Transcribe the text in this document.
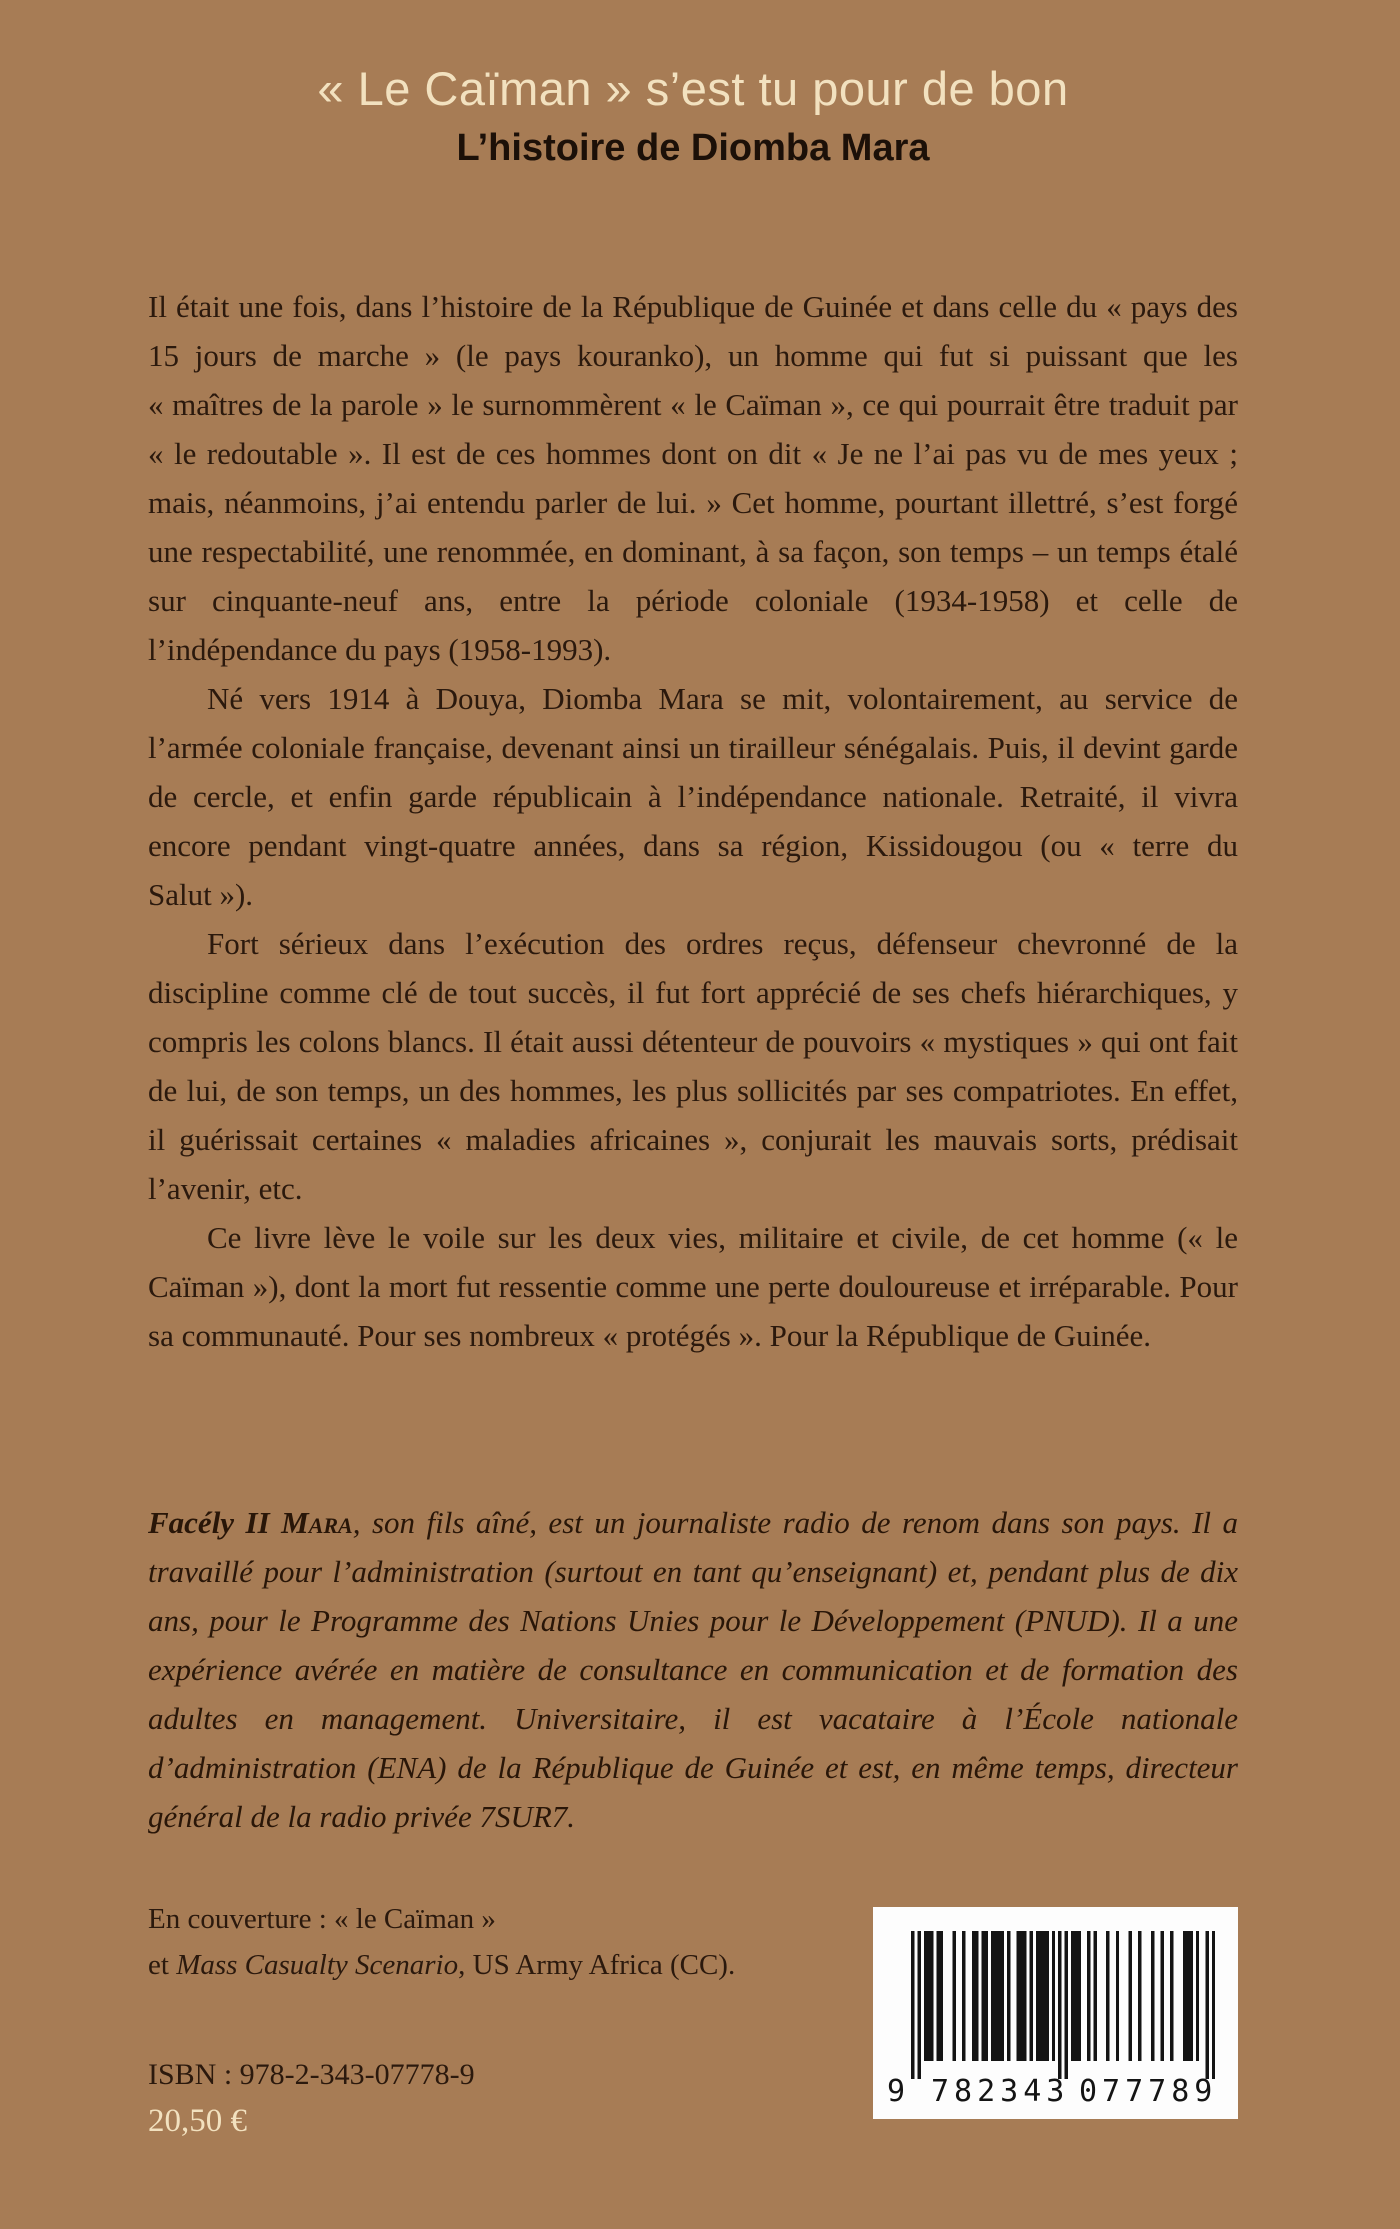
« Le Caïman » s’est tu pour de bon
L’histoire de Diomba Mara

Il était une fois, dans l’histoire de la République de Guinée et dans celle du « pays des 15 jours de marche » (le pays kouranko), un homme qui fut si puissant que les « maîtres de la parole » le surnommèrent « le Caïman », ce qui pourrait être traduit par « le redoutable ». Il est de ces hommes dont on dit « Je ne l’ai pas vu de mes yeux ; mais, néanmoins, j’ai entendu parler de lui. » Cet homme, pourtant illettré, s’est forgé une respectabilité, une renommée, en dominant, à sa façon, son temps – un temps étalé sur cinquante-neuf ans, entre la période coloniale (1934-1958) et celle de l’indépendance du pays (1958-1993).

Né vers 1914 à Douya, Diomba Mara se mit, volontairement, au service de l’armée coloniale française, devenant ainsi un tirailleur sénégalais. Puis, il devint garde de cercle, et enfin garde républicain à l’indépendance nationale. Retraité, il vivra encore pendant vingt-quatre années, dans sa région, Kissidougou (ou « terre du Salut »).

Fort sérieux dans l’exécution des ordres reçus, défenseur chevronné de la discipline comme clé de tout succès, il fut fort apprécié de ses chefs hiérarchiques, y compris les colons blancs. Il était aussi détenteur de pouvoirs « mystiques » qui ont fait de lui, de son temps, un des hommes, les plus sollicités par ses compatriotes. En effet, il guérissait certaines « maladies africaines », conjurait les mauvais sorts, prédisait l’avenir, etc.

Ce livre lève le voile sur les deux vies, militaire et civile, de cet homme (« le Caïman »), dont la mort fut ressentie comme une perte douloureuse et irréparable. Pour sa communauté. Pour ses nombreux « protégés ». Pour la République de Guinée.

Facély II Mara, son fils aîné, est un journaliste radio de renom dans son pays. Il a travaillé pour l’administration (surtout en tant qu’enseignant) et, pendant plus de dix ans, pour le Programme des Nations Unies pour le Développement (PNUD). Il a une expérience avérée en matière de consultance en communication et de formation des adultes en management. Universitaire, il est vacataire à l’École nationale d’administration (ENA) de la République de Guinée et est, en même temps, directeur général de la radio privée 7SUR7.

En couverture : « le Caïman »

et Mass Casualty Scenario, US Army Africa (CC).

ISBN : 978-2-343-07778-9
20,50 €
9 782343 077789
